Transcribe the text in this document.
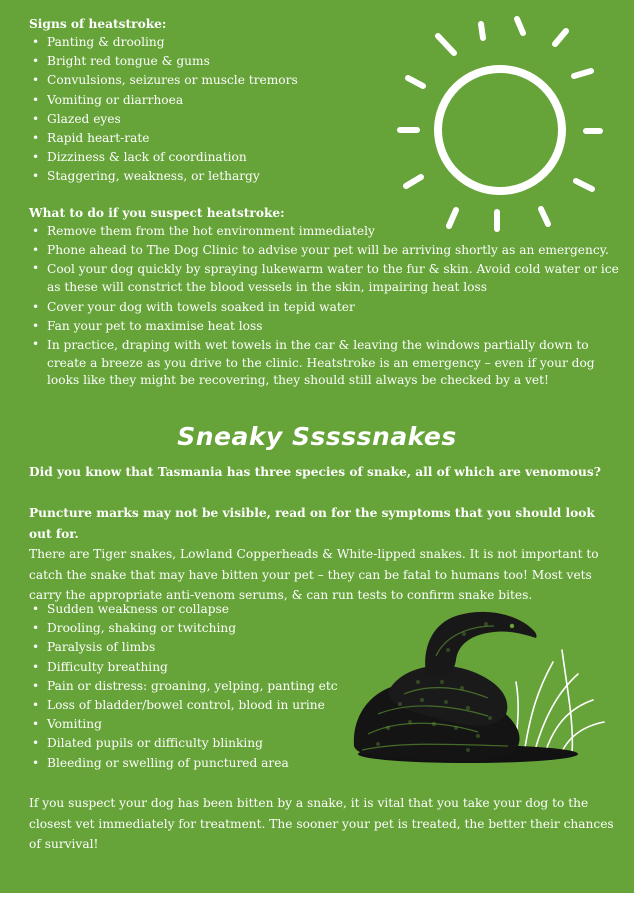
Signs of heatstroke:

• Panting & drooling
• Bright red tongue & gums
• Convulsions, seizures or muscle tremors
• Vomiting or diarrhoea
• Glazed eyes
• Rapid heart-rate
• Dizziness & lack of coordination
• Staggering, weakness, or lethargy

What to do if you suspect heatstroke:

• Remove them from the hot environment immediately
• Phone ahead to The Dog Clinic to advise your pet will be arriving shortly as an emergency.
• Cool your dog quickly by spraying lukewarm water to the fur & skin. Avoid cold water or ice as these will constrict the blood vessels in the skin, impairing heat loss
• Cover your dog with towels soaked in tepid water
• Fan your pet to maximise heat loss
• In practice, draping with wet towels in the car & leaving the windows partially down to create a breeze as you drive to the clinic. Heatstroke is an emergency – even if your dog looks like they might be recovering, they should still always be checked by a vet!
Sneaky Sssssnakes

Did you know that Tasmania has three species of snake, all of which are venomous?

Puncture marks may not be visible, read on for the symptoms that you should look out for.
There are Tiger snakes, Lowland Copperheads & White-lipped snakes. It is not important to catch the snake that may have bitten your pet – they can be fatal to humans too! Most vets carry the appropriate anti-venom serums, & can run tests to confirm snake bites.

• Sudden weakness or collapse
• Drooling, shaking or twitching
• Paralysis of limbs
• Difficulty breathing
• Pain or distress: groaning, yelping, panting etc
• Loss of bladder/bowel control, blood in urine
• Vomiting
• Dilated pupils or difficulty blinking
• Bleeding or swelling of punctured area

If you suspect your dog has been bitten by a snake, it is vital that you take your dog to the closest vet immediately for treatment. The sooner your pet is treated, the better their chances of survival!
